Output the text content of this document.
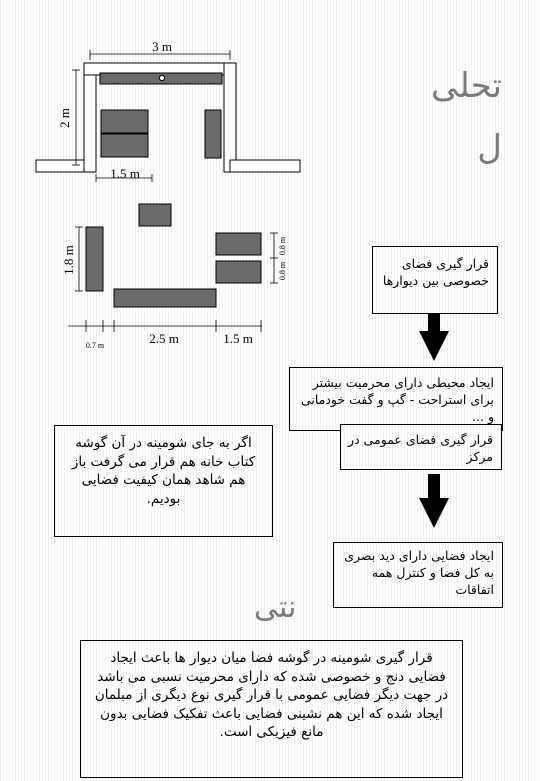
3 m
2 m
1.5 m
1.8 m	0.8 m
0.8 m
0.7 m	2.5 m	1.5 m
تحلی
ل
نتی
قرار گیری فضای خصوصی بین دیوارها
ایجاد محیطی دارای محرمیت بیشتر برای استراحت - گپ و گفت خودمانی و ...
قرار گیری فضای عمومی در مرکز
ایجاد فضایی دارای دید بصری به کل فضا و کنترل همه اتفاقات
اگر به جای شومینه در آن گوشه کتاب خانه هم قرار می گرفت باز هم شاهد همان کیفیت فضایی بودیم.
قرار گیری شومینه در گوشه فضا میان دیوار ها باعث ایجاد فضایی دنج و خصوصی شده که دارای محرمیت نسبی می باشد در جهت دیگر فضایی عمومی با قرار گیری نوع دیگری از مبلمان ایجاد شده که این هم نشینی فضایی باعث تفکیک فضایی بدون مانع فیزیکی است.
